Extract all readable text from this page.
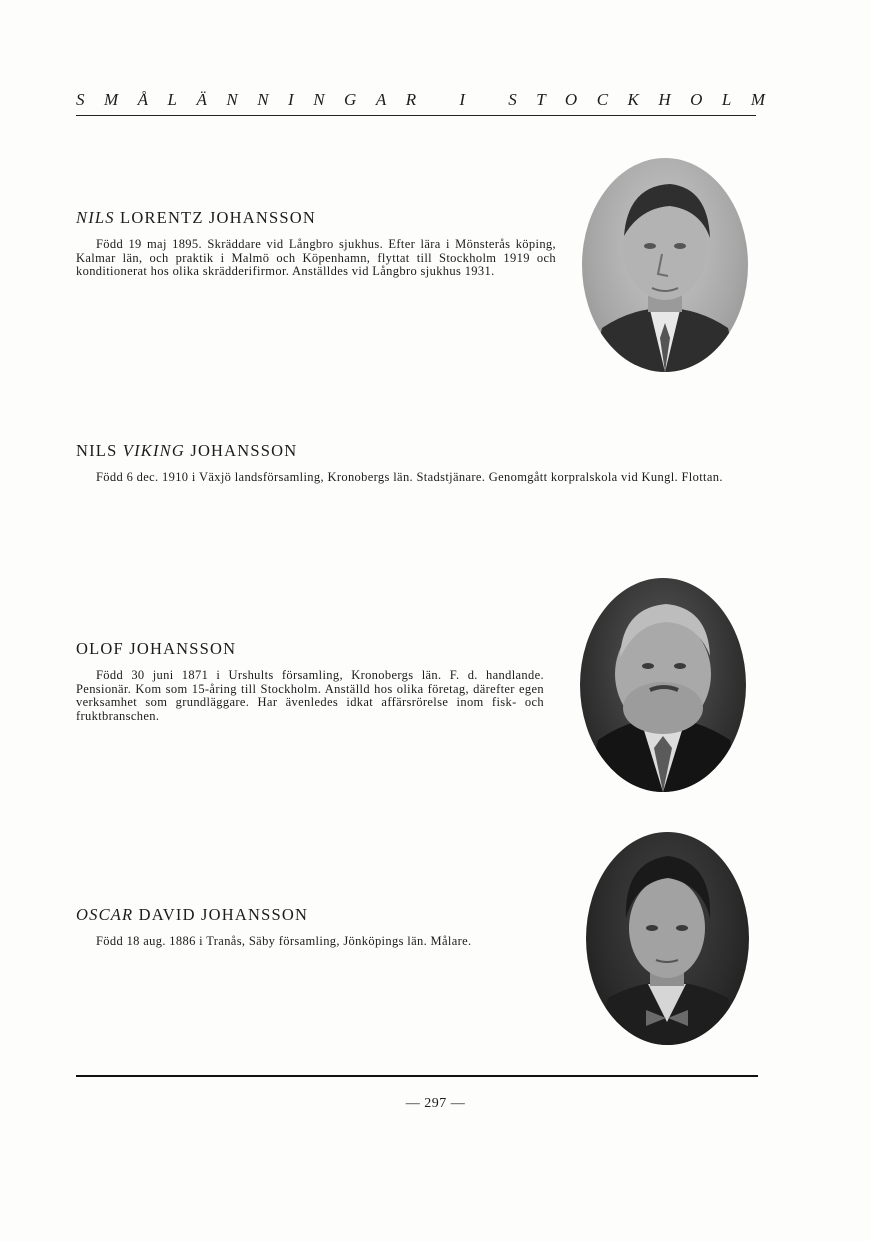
SMÅLÄNNINGAR I STOCKHOLM
NILS LORENTZ JOHANSSON

Född 19 maj 1895. Skräddare vid Långbro sjukhus. Efter lära i Mönsterås köping, Kalmar län, och praktik i Malmö och Köpenhamn, flyttat till Stockholm 1919 och konditionerat hos olika skrädderifirmor. Anställdes vid Långbro sjukhus 1931.

NILS VIKING JOHANSSON

Född 6 dec. 1910 i Växjö landsförsamling, Kronobergs län. Stadstjänare. Genomgått korpralskola vid Kungl. Flottan.

OLOF JOHANSSON

Född 30 juni 1871 i Urshults församling, Kronobergs län. F. d. handlande. Pensionär. Kom som 15-åring till Stockholm. Anställd hos olika företag, därefter egen verksamhet som grundläggare. Har ävenledes idkat affärsrörelse inom fisk- och fruktbranschen.

OSCAR DAVID JOHANSSON

Född 18 aug. 1886 i Tranås, Säby församling, Jönköpings län. Målare.

— 297 —
